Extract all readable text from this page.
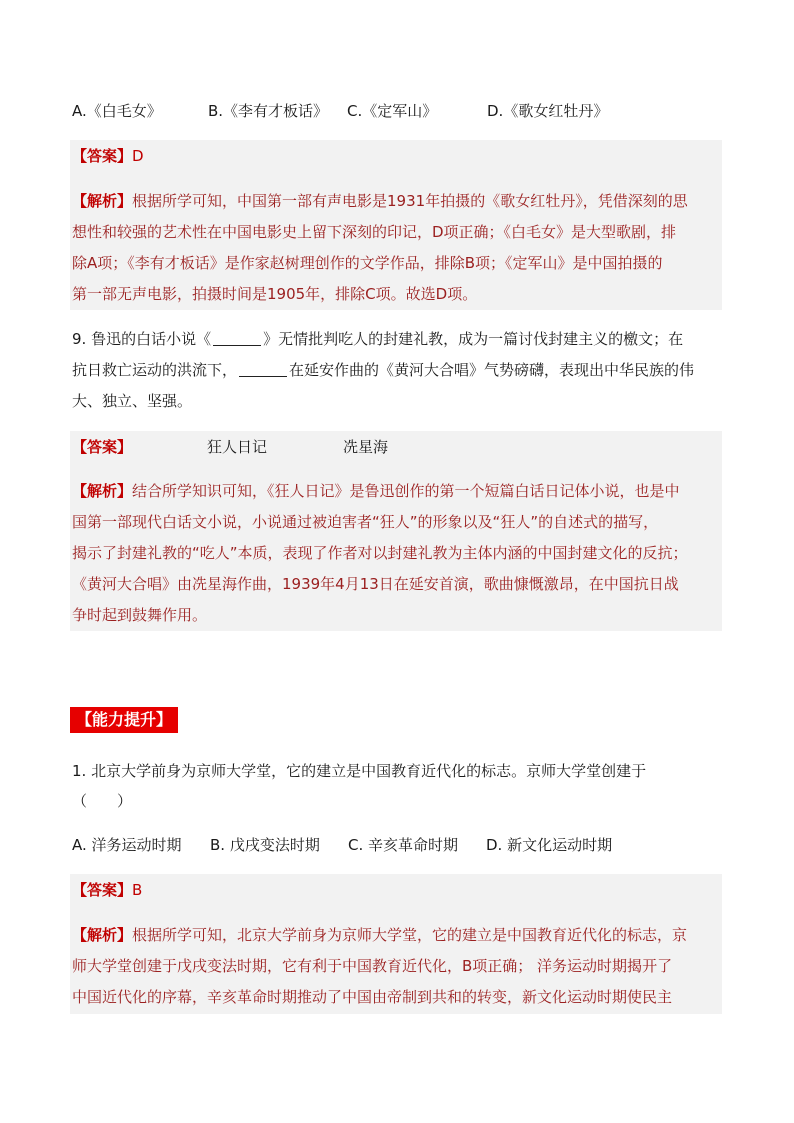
A.《白毛女》	B.《李有才板话》 C.《定军山》	D.《歌女红牡丹》
【答案】D
【解析】根据所学可知，中国第一部有声电影是1931年拍摄的《歌女红牡丹》，凭借深刻的思
想性和较强的艺术性在中国电影史上留下深刻的印记，D项正确；《白毛女》是大型歌剧，排
除A项；《李有才板话》是作家赵树理创作的文学作品，排除B项；《定军山》是中国拍摄的
第一部无声电影，拍摄时间是1905年，排除C项。故选D项。
9. 鲁迅的白话小说《	》无情批判吃人的封建礼教，成为一篇讨伐封建主义的檄文；在
抗日救亡运动的洪流下，	在延安作曲的《黄河大合唱》气势磅礴，表现出中华民族的伟
大、独立、坚强。
【答案】	狂人日记	冼星海
【解析】结合所学知识可知，《狂人日记》是鲁迅创作的第一个短篇白话日记体小说，也是中
国第一部现代白话文小说，小说通过被迫害者“狂人”的形象以及“狂人”的自述式的描写，
揭示了封建礼教的“吃人”本质，表现了作者对以封建礼教为主体内涵的中国封建文化的反抗；
《黄河大合唱》由冼星海作曲，1939年4月13日在延安首演，歌曲慷慨激昂，在中国抗日战
争时起到鼓舞作用。
【能力提升】
1. 北京大学前身为京师大学堂，它的建立是中国教育近代化的标志。京师大学堂创建于
（　　）
A. 洋务运动时期 B. 戊戌变法时期 C. 辛亥革命时期 D. 新文化运动时期
【答案】B
【解析】根据所学可知，北京大学前身为京师大学堂，它的建立是中国教育近代化的标志，京
师大学堂创建于戊戌变法时期，它有利于中国教育近代化，B项正确； 洋务运动时期揭开了
中国近代化的序幕，辛亥革命时期推动了中国由帝制到共和的转变，新文化运动时期使民主
